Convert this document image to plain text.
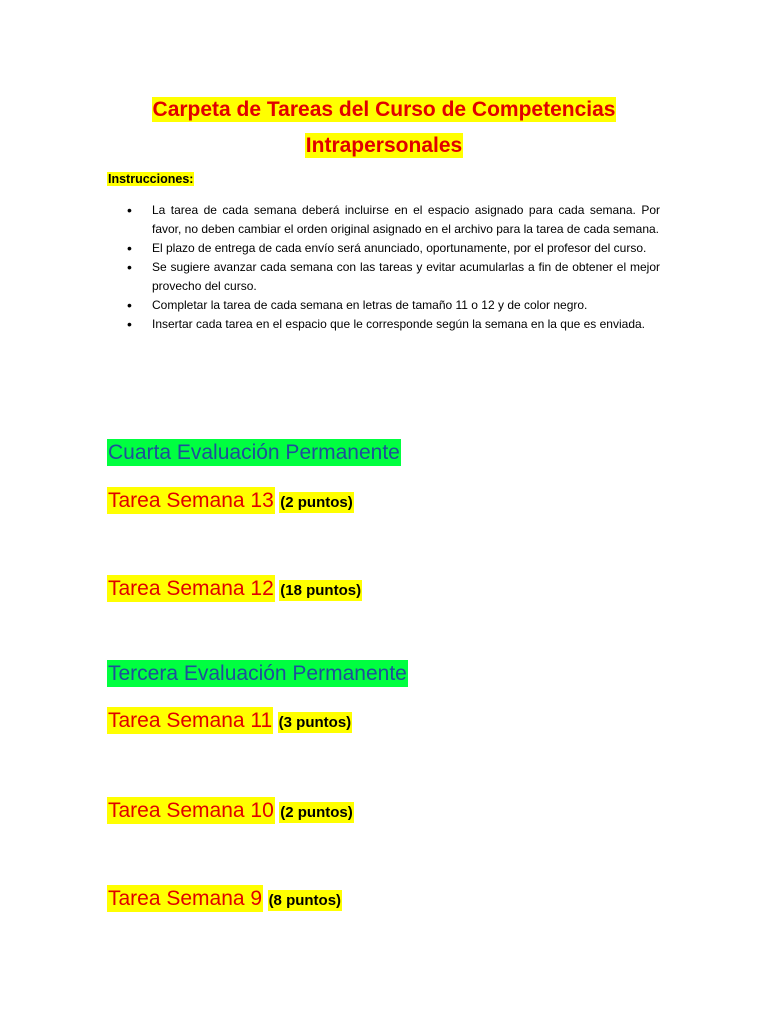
Carpeta de Tareas del Curso de Competencias
Intrapersonales
Instrucciones:
• La tarea de cada semana deberá incluirse en el espacio asignado para cada semana. Por favor, no deben cambiar el orden original asignado en el archivo para la tarea de cada semana.
• El plazo de entrega de cada envío será anunciado, oportunamente, por el profesor del curso.
• Se sugiere avanzar cada semana con las tareas y evitar acumularlas a fin de obtener el mejor provecho del curso.
• Completar la tarea de cada semana en letras de tamaño 11 o 12 y de color negro.
• Insertar cada tarea en el espacio que le corresponde según la semana en la que es enviada.
Cuarta Evaluación Permanente
Tarea Semana 13 (2 puntos)
Tarea Semana 12 (18 puntos)
Tercera Evaluación Permanente
Tarea Semana 11 (3 puntos)
Tarea Semana 10 (2 puntos)
Tarea Semana 9 (8 puntos)
